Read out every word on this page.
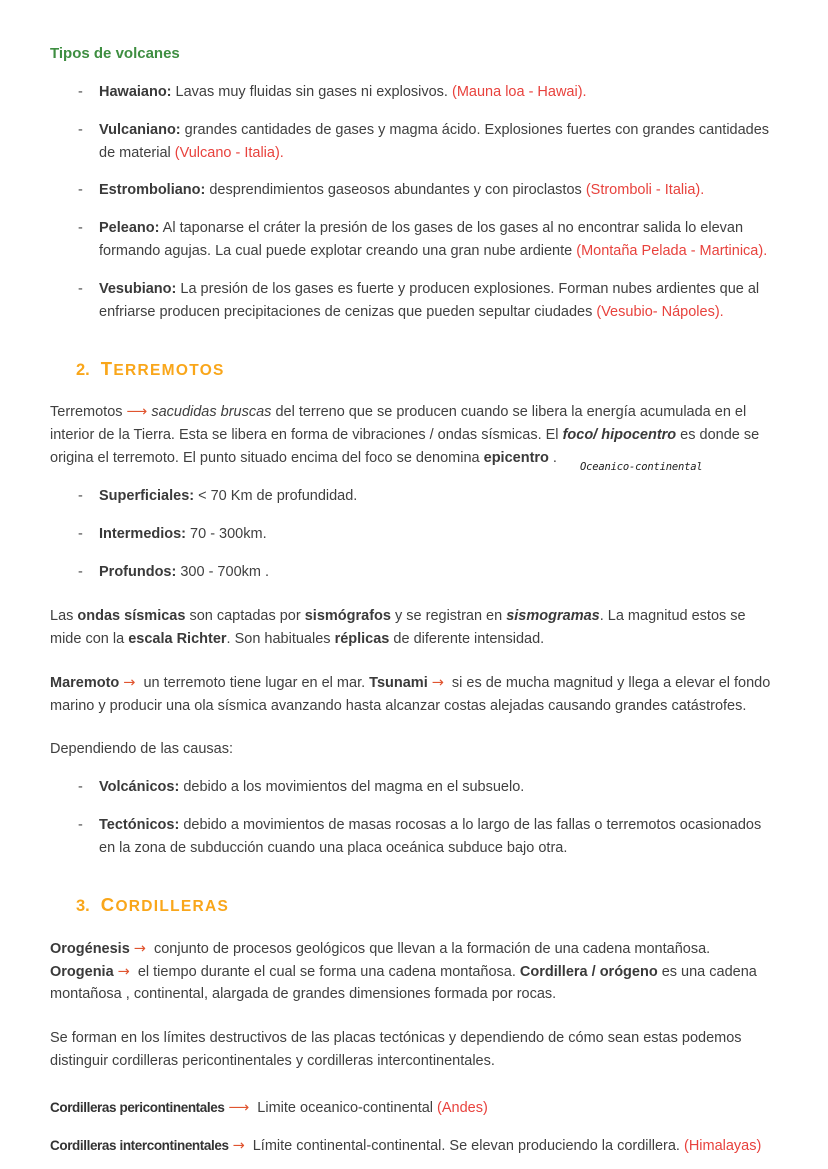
Tipos de volcanes
-	Hawaiano: Lavas muy fluidas sin gases ni explosivos. (Mauna loa - Hawai).
-	Vulcaniano: grandes cantidades de gases y magma ácido. Explosiones fuertes con grandes cantidades de material (Vulcano - Italia).
-	Estromboliano: desprendimientos gaseosos abundantes y con piroclastos (Stromboli - Italia).
-	Peleano: Al taponarse el cráter la presión de los gases de los gases al no encontrar salida lo elevan formando agujas. La cual puede explotar creando una gran nube ardiente (Montaña Pelada - Martinica).
-	Vesubiano: La presión de los gases es fuerte y producen explosiones. Forman nubes ardientes que al enfriarse producen precipitaciones de cenizas que pueden sepultar ciudades (Vesubio- Nápoles).
2. TERREMOTOS

Terremotos ⟶ sacudidas bruscas del terreno que se producen cuando se libera la energía acumulada en el interior de la Tierra. Esta se libera en forma de vibraciones / ondas sísmicas. El foco/ hipocentro es donde se origina el terremoto. El punto situado encima del foco se denomina epicentro .

-	Superficiales: < 70 Km de profundidad.
-	Intermedios: 70 - 300km.
-	Profundos: 300 - 700km .

Las ondas sísmicas son captadas por sismógrafos y se registran en sismogramas. La magnitud estos se mide con la escala Richter. Son habituales réplicas de diferente intensidad.

Maremoto → un terremoto tiene lugar en el mar. Tsunami → si es de mucha magnitud y llega a elevar el fondo marino y producir una ola sísmica avanzando hasta alcanzar costas alejadas causando grandes catástrofes.

Dependiendo de las causas:

-	Volcánicos: debido a los movimientos del magma en el subsuelo.
-	Tectónicos: debido a movimientos de masas rocosas a lo largo de las fallas o terremotos ocasionados en la zona de subducción cuando una placa oceánica subduce bajo otra.
3. CORDILLERAS

Orogénesis → conjunto de procesos geológicos que llevan a la formación de una cadena montañosa.
Orogenia → el tiempo durante el cual se forma una cadena montañosa. Cordillera / orógeno es una cadena montañosa , continental, alargada de grandes dimensiones formada por rocas.

Se forman en los límites destructivos de las placas tectónicas y dependiendo de cómo sean estas podemos distinguir cordilleras pericontinentales y cordilleras intercontinentales.

Cordilleras pericontinentales ⟶ Limite oceanico-continental (Andes)

Cordilleras intercontinentales → Límite continental-continental. Se elevan produciendo la cordillera. (Himalayas)

Oceanico-continental
